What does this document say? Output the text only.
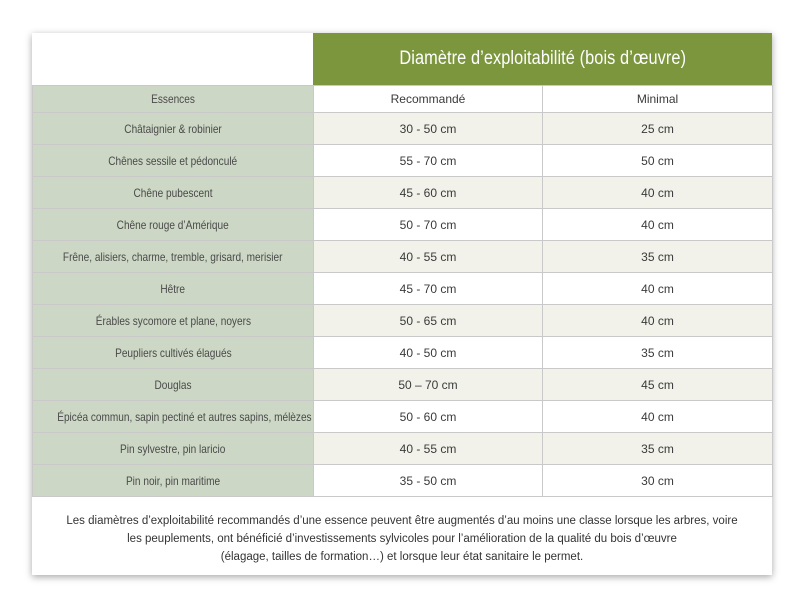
Diamètre d’exploitabilité (bois d’œuvre)
Essences	Recommandé	Minimal
Châtaignier & robinier	30 - 50 cm	25 cm
Chênes sessile et pédonculé	55 - 70 cm	50 cm
Chêne pubescent	45 - 60 cm	40 cm
Chêne rouge d’Amérique	50 - 70 cm	40 cm
Frêne, alisiers, charme, tremble, grisard, merisier	40 - 55 cm	35 cm
Hêtre	45 - 70 cm	40 cm
Érables sycomore et plane, noyers	50 - 65 cm	40 cm
Peupliers cultivés élagués	40 - 50 cm	35 cm
Douglas	50 – 70 cm	45 cm
Épicéa commun, sapin pectiné et autres sapins, mélèzes	50 - 60 cm	40 cm
Pin sylvestre, pin laricio	40 - 55 cm	35 cm
Pin noir, pin maritime	35 - 50 cm	30 cm
Les diamètres d’exploitabilité recommandés d’une essence peuvent être augmentés d’au moins une classe lorsque les arbres, voire
les peuplements, ont bénéficié d’investissements sylvicoles pour l’amélioration de la qualité du bois d’œuvre
(élagage, tailles de formation…) et lorsque leur état sanitaire le permet.
